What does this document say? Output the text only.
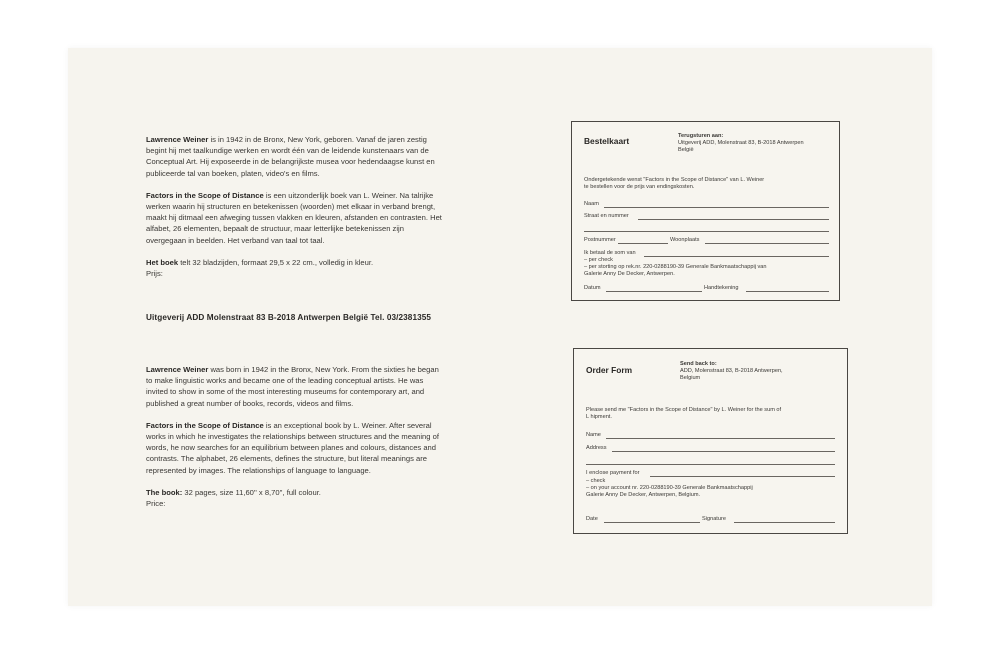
Lawrence Weiner is in 1942 in de Bronx, New York, geboren. Vanaf de jaren zestig begint hij met taalkundige werken en wordt één van de leidende kunstenaars van de Conceptual Art. Hij exposeerde in de belangrijkste musea voor hedendaagse kunst en publiceerde tal van boeken, platen, video's en films.

Factors in the Scope of Distance is een uitzonderlijk boek van L. Weiner. Na talrijke werken waarin hij structuren en betekenissen (woorden) met elkaar in verband brengt, maakt hij ditmaal een afweging tussen vlakken en kleuren, afstanden en contrasten. Het alfabet, 26 elementen, bepaalt de structuur, maar letterlijke betekenissen zijn overgegaan in beelden. Het verband van taal tot taal.

Het boek telt 32 bladzijden, formaat 29,5 x 22 cm., volledig in kleur.

Prijs:
Uitgeverij ADD Molenstraat 83 B-2018 Antwerpen België Tel. 03/2381355

Lawrence Weiner was born in 1942 in the Bronx, New York. From the sixties he began to make linguistic works and became one of the leading conceptual artists. He was invited to show in some of the most interesting museums for contemporary art, and published a great number of books, records, videos and films.

Factors in the Scope of Distance is an exceptional book by L. Weiner. After several works in which he investigates the relationships between structures and the meaning of words, he now searches for an equilibrium between planes and colours, distances and contrasts. The alphabet, 26 elements, defines the structure, but literal meanings are represented by images. The relationships of language to language.

The book: 32 pages, size 11,60'' x 8,70'', full colour.

Price:
Bestelkaart	Terugsturen aan:
Uitgeverij ADD, Molenstraat 83, B-2018 Antwerpen
België
Ondergetekende wenst "Factors in the Scope of Distance" van L. Weiner
te bestellen voor de prijs van endingskosten.
Naam
Straat en nummer
Postnummer	Woonplaats
Ik betaal de som van
– per check
– per storting op rek.nr. 220-0288190-39 Generale Bankmaatschappij van
Galerie Anny De Decker, Antwerpen.
Datum	Handtekening
Order Form
Send back to:
ADD, Molenstraat 83, B-2018 Antwerpen,
Belgium
Please send me "Factors in the Scope of Distance" by L. Weiner for the sum of
L hipment.
Name
Address
I enclose payment for
– check
– on your account nr. 220-0288190-39 Generale Bankmaatschappij
Galerie Anny De Decker, Antwerpen, Belgium.
Date	Signature
